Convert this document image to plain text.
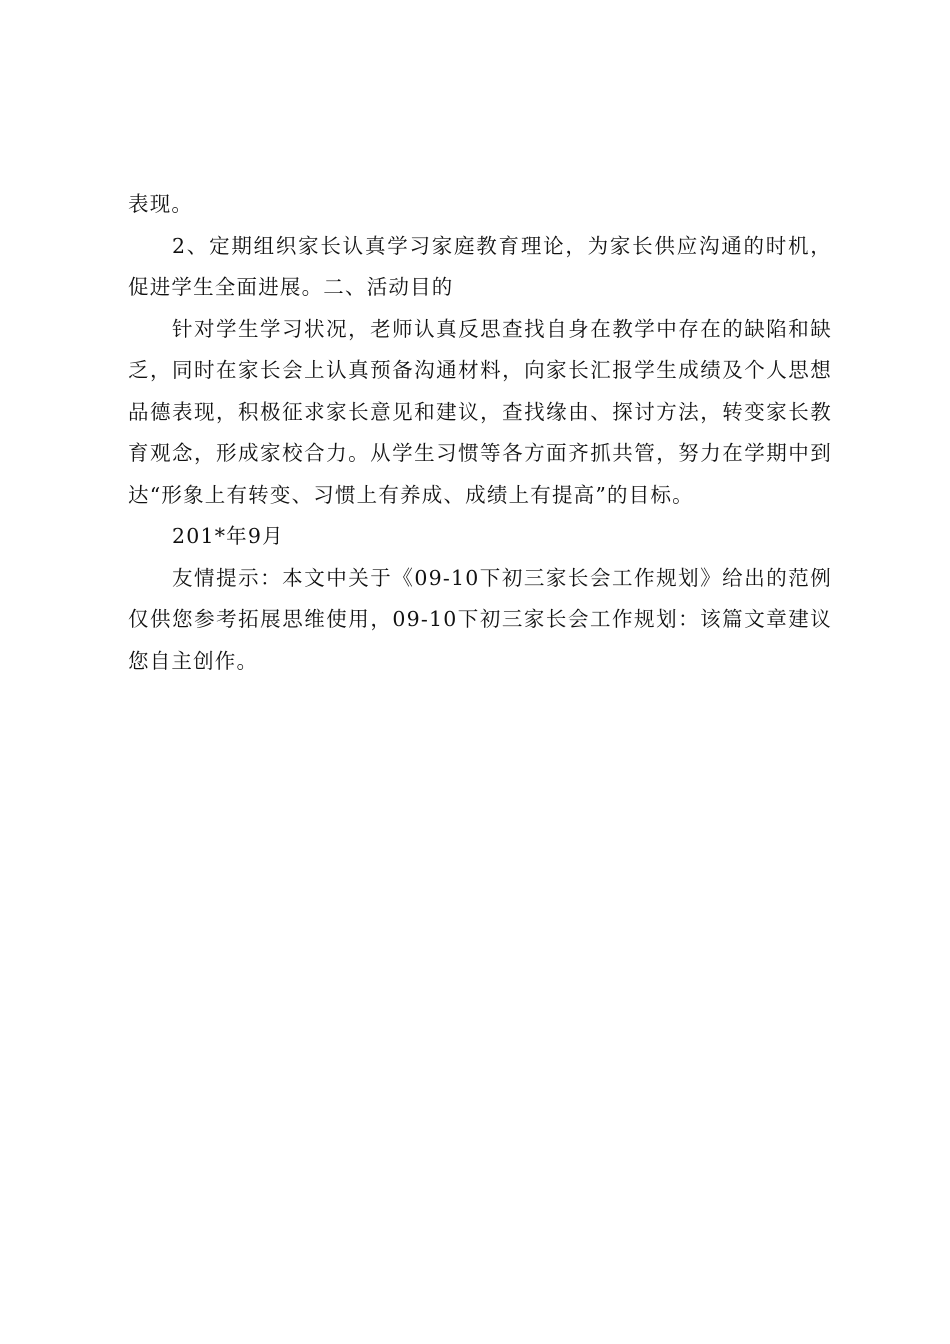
表现。

2、定期组织家长认真学习家庭教育理论，为家长供应沟通的时机，促进学生全面进展。二、活动目的

针对学生学习状况，老师认真反思查找自身在教学中存在的缺陷和缺乏，同时在家长会上认真预备沟通材料，向家长汇报学生成绩及个人思想品德表现，积极征求家长意见和建议，查找缘由、探讨方法，转变家长教育观念，形成家校合力。从学生习惯等各方面齐抓共管，努力在学期中到达“形象上有转变、习惯上有养成、成绩上有提高”的目标。

201*年9月

友情提示：本文中关于《09-10下初三家长会工作规划》给出的范例仅供您参考拓展思维使用，09-10下初三家长会工作规划：该篇文章建议您自主创作。
